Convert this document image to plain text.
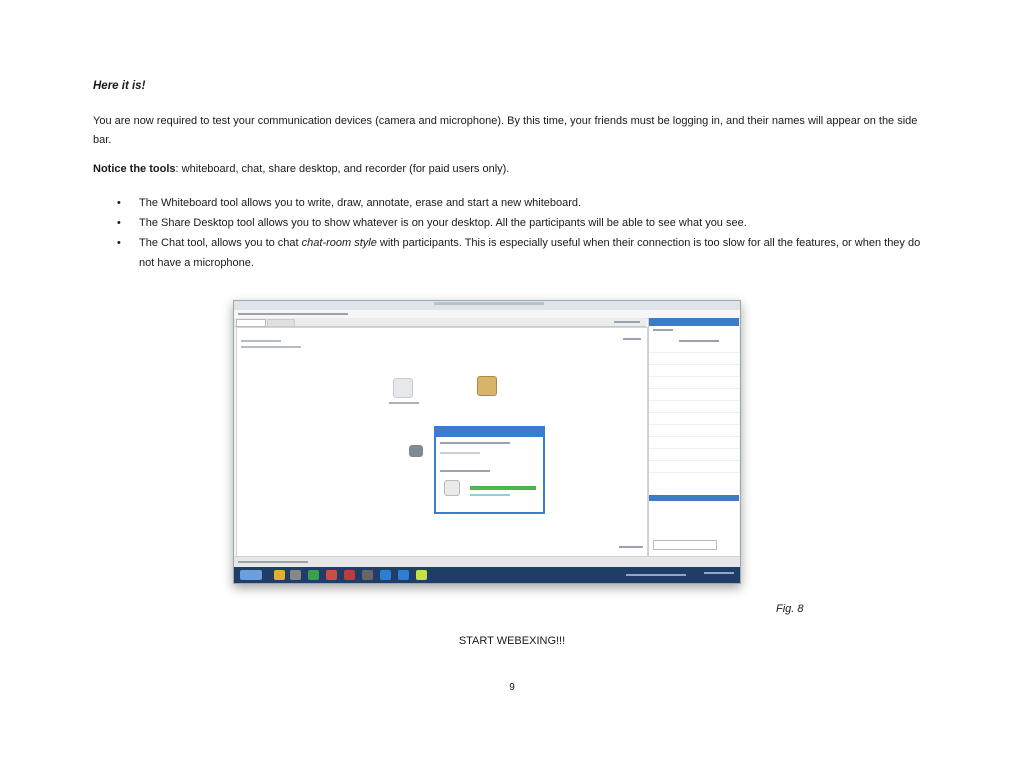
Here it is!
You are now required to test your communication devices (camera and microphone). By this time, your friends must be logging in, and their names will appear on the side bar.
Notice the tools: whiteboard, chat, share desktop, and recorder (for paid users only).
• The Whiteboard tool allows you to write, draw, annotate, erase and start a new whiteboard.
• The Share Desktop tool allows you to show whatever is on your desktop. All the participants will be able to see what you see.
• The Chat tool, allows you to chat chat-room style with participants. This is especially useful when their connection is too slow for all the features, or when they do not have a microphone.
Fig. 8
START WEBEXING!!!
9
